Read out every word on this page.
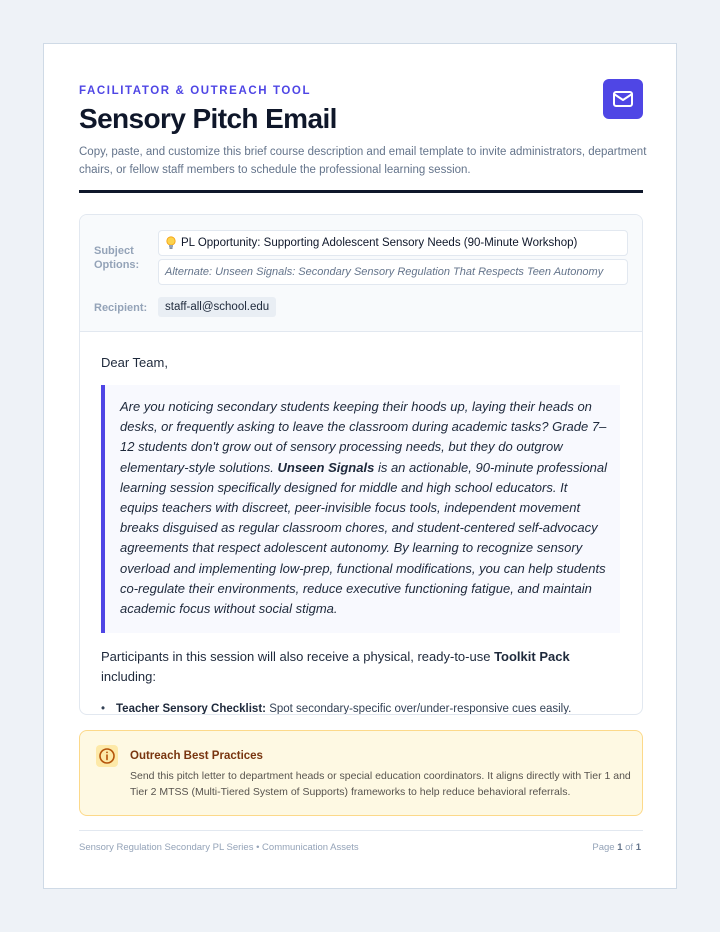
FACILITATOR & OUTREACH TOOL
Sensory Pitch Email

Copy, paste, and customize this brief course description and email template to invite administrators, department chairs, or fellow staff members to schedule the professional learning session.

Subject Options:
PL Opportunity: Supporting Adolescent Sensory Needs (90-Minute Workshop)
Alternate: Unseen Signals: Secondary Sensory Regulation That Respects Teen Autonomy
Recipient:	staff-all@school.edu
Dear Team,
Are you noticing secondary students keeping their hoods up, laying their heads on desks, or frequently asking to leave the classroom during academic tasks? Grade 7–12 students don't grow out of sensory processing needs, but they do outgrow elementary-style solutions. Unseen Signals is an actionable, 90-minute professional learning session specifically designed for middle and high school educators. It equips teachers with discreet, peer-invisible focus tools, independent movement breaks disguised as regular classroom chores, and student-centered self-advocacy agreements that respect adolescent autonomy. By learning to recognize sensory overload and implementing low-prep, functional modifications, you can help students co-regulate their environments, reduce executive functioning fatigue, and maintain academic focus without social stigma.

Participants in this session will also receive a physical, ready-to-use Toolkit Pack including:

• Teacher Sensory Checklist: Spot secondary-specific over/under-responsive cues easily.
Outreach Best Practices

Send this pitch letter to department heads or special education coordinators. It aligns directly with Tier 1 and Tier 2 MTSS (Multi-Tiered System of Supports) frameworks to help reduce behavioral referrals.

Sensory Regulation Secondary PL Series • Communication Assets	Page 1 of 1
